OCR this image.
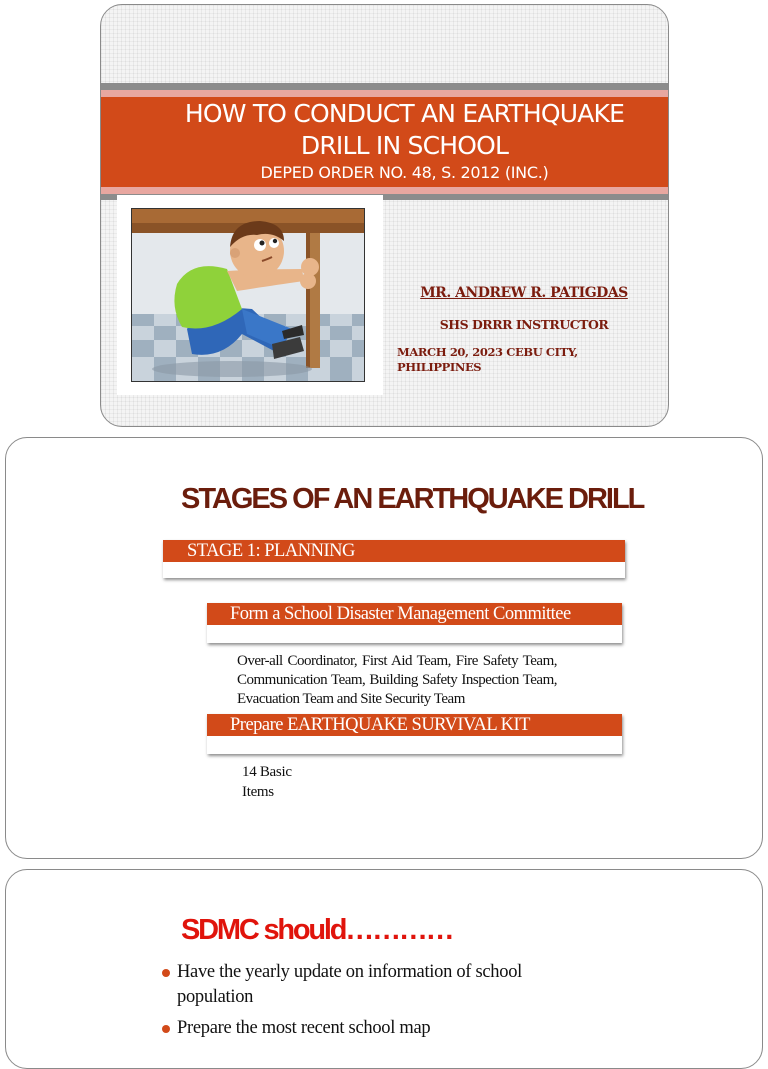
HOW TO CONDUCT AN EARTHQUAKE
DRILL IN SCHOOL
DEPED ORDER NO. 48, S. 2012 (INC.)
MR. ANDREW R. PATIGDAS
SHS DRRR INSTRUCTOR
MARCH 20, 2023 CEBU CITY,
PHILIPPINES
STAGES OF AN EARTHQUAKE DRILL
STAGE 1: PLANNING
Form a School Disaster Management Committee
Over-all Coordinator, First Aid Team, Fire Safety Team, Communication Team, Building Safety Inspection Team, Evacuation Team and Site Security Team
Prepare EARTHQUAKE SURVIVAL KIT
14 Basic
Items
SDMC should…………
Have the yearly update on information of school population
Prepare the most recent school map
